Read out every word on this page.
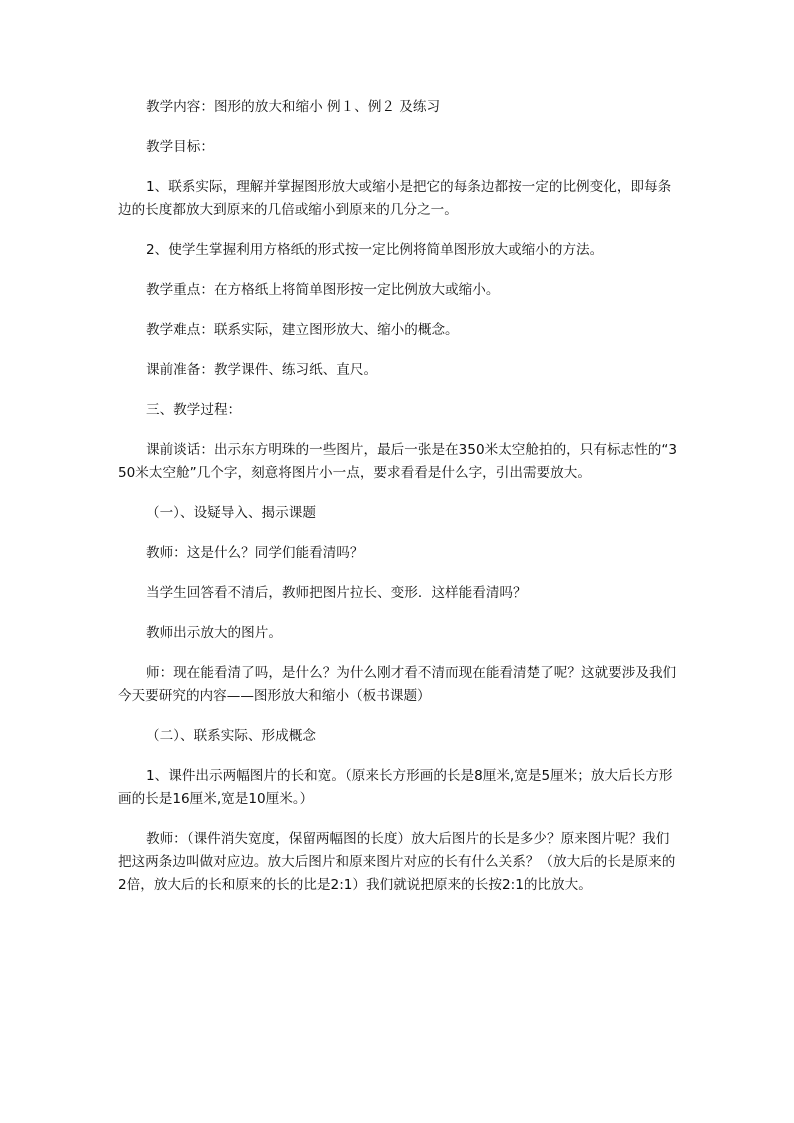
教学内容：图形的放大和缩小 例１、例２ 及练习

教学目标：

1、联系实际，理解并掌握图形放大或缩小是把它的每条边都按一定的比例变化，即每条边的长度都放大到原来的几倍或缩小到原来的几分之一。

2、使学生掌握利用方格纸的形式按一定比例将简单图形放大或缩小的方法。

教学重点：在方格纸上将简单图形按一定比例放大或缩小。

教学难点：联系实际，建立图形放大、缩小的概念。

课前准备：教学课件、练习纸、直尺。

三、教学过程：

课前谈话：出示东方明珠的一些图片，最后一张是在350米太空舱拍的，只有标志性的“350米太空舱”几个字，刻意将图片小一点，要求看看是什么字，引出需要放大。

（一）、设疑导入、揭示课题

教师：这是什么？同学们能看清吗？

当学生回答看不清后，教师把图片拉长、变形．这样能看清吗？

教师出示放大的图片。

师：现在能看清了吗，是什么？为什么刚才看不清而现在能看清楚了呢？这就要涉及我们今天要研究的内容——图形放大和缩小（板书课题）

（二）、联系实际、形成概念

1、课件出示两幅图片的长和宽。（原来长方形画的长是8厘米,宽是5厘米；放大后长方形画的长是16厘米,宽是10厘米。）

教师：（课件消失宽度，保留两幅图的长度）放大后图片的长是多少？原来图片呢？我们把这两条边叫做对应边。放大后图片和原来图片对应的长有什么关系？（放大后的长是原来的2倍，放大后的长和原来的长的比是2:1）我们就说把原来的长按2:1的比放大。
